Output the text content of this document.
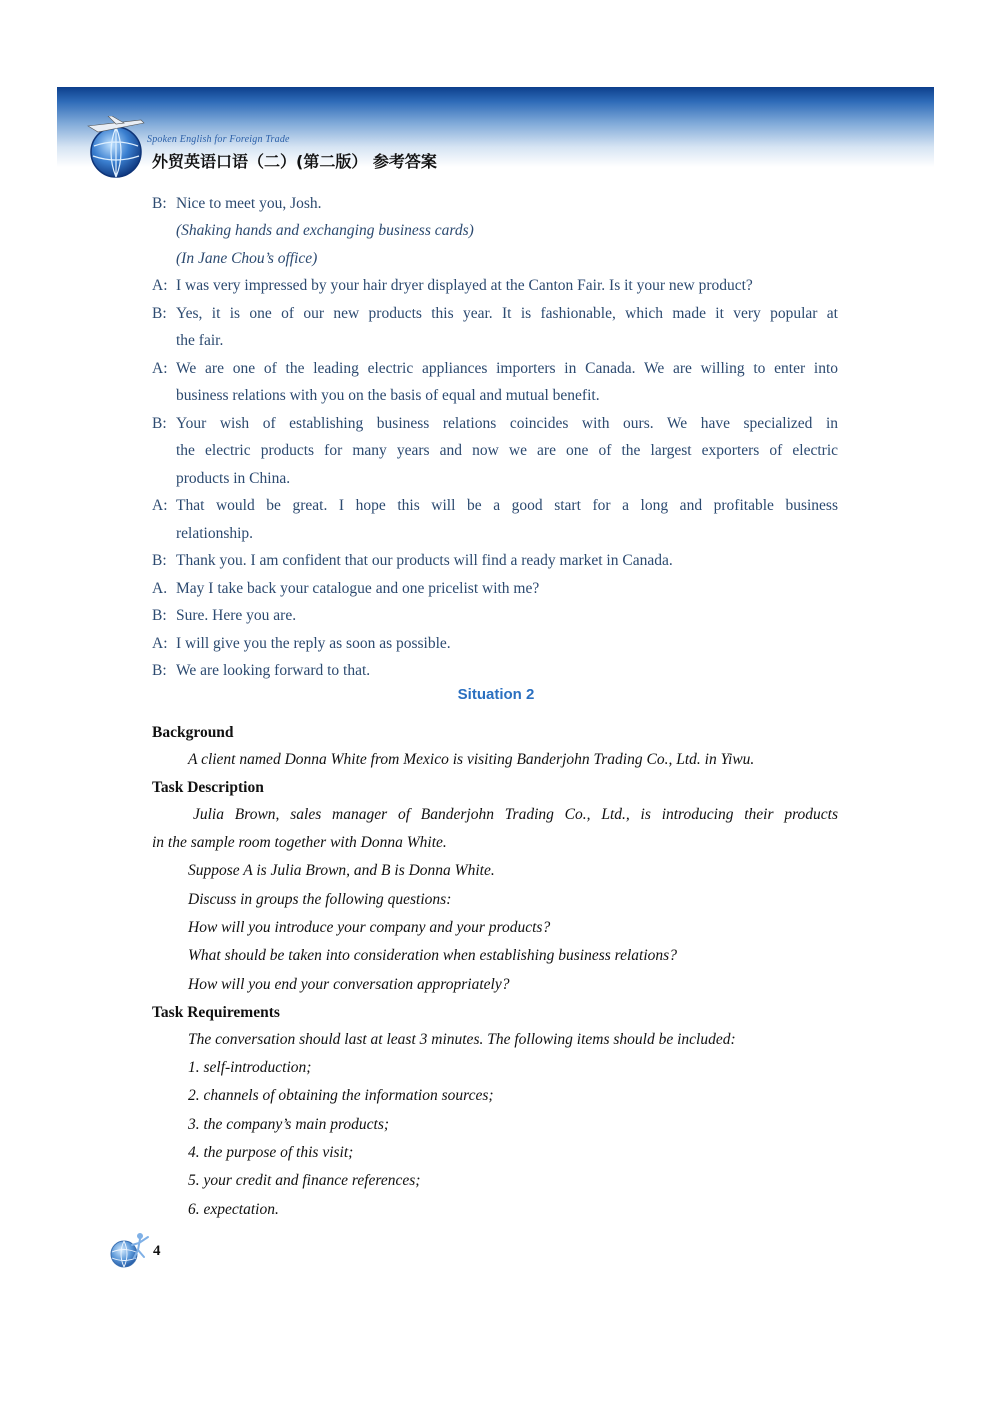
Spoken English for Foreign Trade
外贸英语口语（二）(第二版） 参考答案
B: Nice to meet you, Josh.
(Shaking hands and exchanging business cards)
(In Jane Chou’s office)
A: I was very impressed by your hair dryer displayed at the Canton Fair. Is it your new product?
B: Yes, it is one of our new products this year. It is fashionable, which made it very popular at
the fair.
A: We are one of the leading electric appliances importers in Canada. We are willing to enter into
business relations with you on the basis of equal and mutual benefit.
B: Your wish of establishing business relations coincides with ours. We have specialized in
the electric products for many years and now we are one of the largest exporters of electric
products in China.
A: That would be great. I hope this will be a good start for a long and profitable business
relationship.
B: Thank you. I am confident that our products will find a ready market in Canada.
A. May I take back your catalogue and one pricelist with me?
B: Sure. Here you are.
A: I will give you the reply as soon as possible.
B: We are looking forward to that.
Situation 2
Background
A client named Donna White from Mexico is visiting Banderjohn Trading Co., Ltd. in Yiwu.
Task Description
Julia Brown, sales manager of Banderjohn Trading Co., Ltd., is introducing their products
in the sample room together with Donna White.
Suppose A is Julia Brown, and B is Donna White.
Discuss in groups the following questions:
How will you introduce your company and your products?
What should be taken into consideration when establishing business relations?
How will you end your conversation appropriately?
Task Requirements
The conversation should last at least 3 minutes. The following items should be included:
1. self-introduction;
2. channels of obtaining the information sources;
3. the company’s main products;
4. the purpose of this visit;
5. your credit and finance references;
6. expectation.
4
